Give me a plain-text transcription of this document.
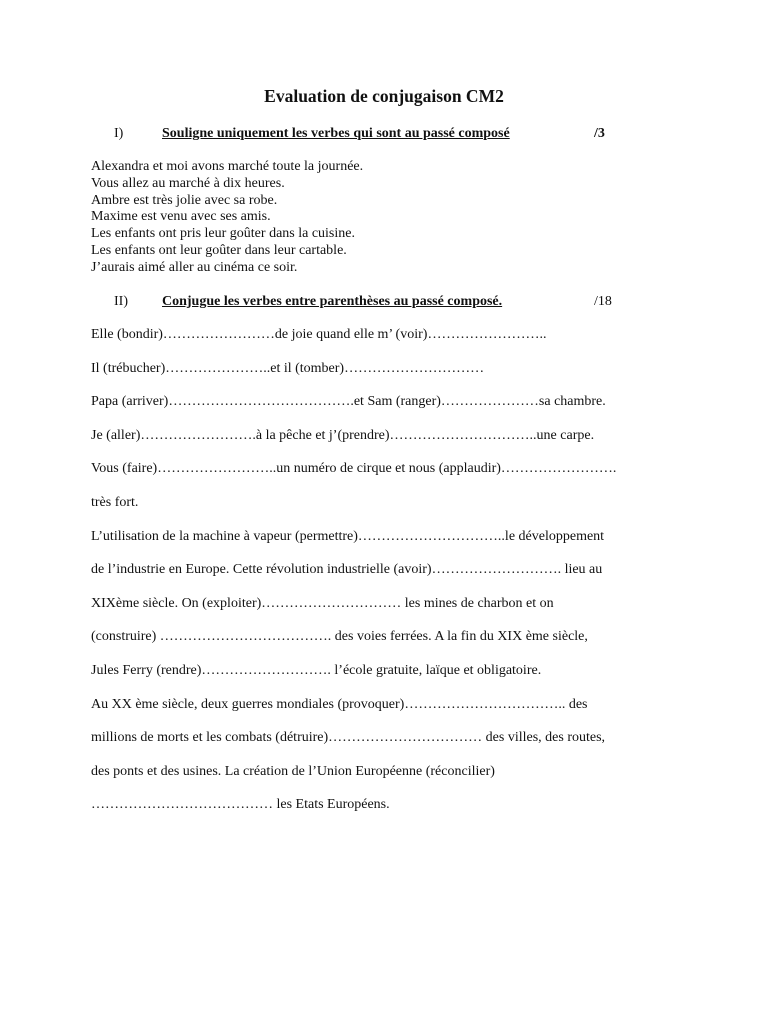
Evaluation de conjugaison CM2
I)	Souligne uniquement les verbes qui sont au passé composé	/3
Alexandra et moi avons marché toute la journée.
Vous allez au marché à dix heures.
Ambre est très jolie avec sa robe.
Maxime est venu avec ses amis.
Les enfants ont pris leur goûter dans la cuisine.
Les enfants ont leur goûter dans leur cartable.
J’aurais aimé aller au cinéma ce soir.
II) Conjugue les verbes entre parenthèses au passé composé.	/18
Elle (bondir)……………………de joie quand elle m’ (voir)……………………..
Il (trébucher)…………………..et il (tomber)…………………………
Papa (arriver)………………………………….et Sam (ranger)…………………sa chambre.
Je (aller)…………………….à la pêche et j’(prendre)…………………………..une carpe.
Vous (faire)……………………..un numéro de cirque et nous (applaudir)…………………….
très fort.
L’utilisation de la machine à vapeur (permettre)…………………………..le développement
de l’industrie en Europe. Cette révolution industrielle (avoir)………………………. lieu au
XIXème siècle. On (exploiter)………………………… les mines de charbon et on
(construire) ………………………………. des voies ferrées. A la fin du XIX ème siècle,
Jules Ferry (rendre)………………………. l’école gratuite, laïque et obligatoire.
Au XX ème siècle, deux guerres mondiales (provoquer)…………………………….. des
millions de morts et les combats (détruire)…………………………… des villes, des routes,
des ponts et des usines. La création de l’Union Européenne (réconcilier)
………………………………… les Etats Européens.
